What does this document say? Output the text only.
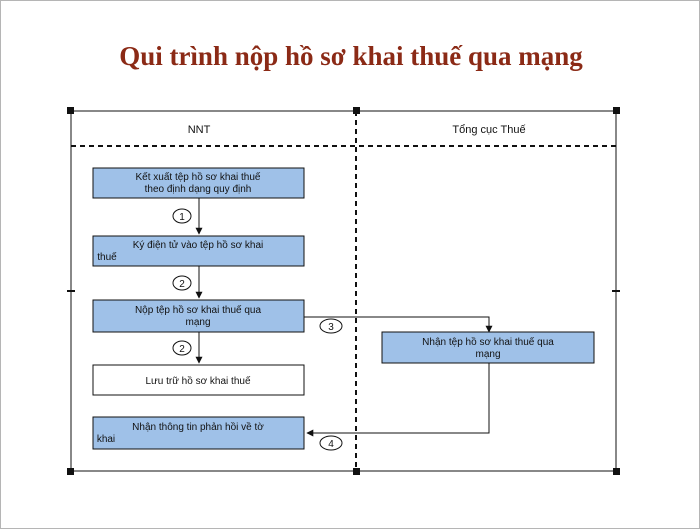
Qui trình nộp hồ sơ khai thuế qua mạng
NNT	Tổng cục Thuế
1
2
3
2
4
Kết xuất tệp hồ sơ khai thuế
theo định dạng quy định
Ký điện tử vào tệp hồ sơ khai
thuế
Nộp tệp hồ sơ khai thuế qua
mạng
Lưu trữ hồ sơ khai thuế
Nhận thông tin phản hồi về tờ
khai
Nhận tệp hồ sơ khai thuế qua
mạng
